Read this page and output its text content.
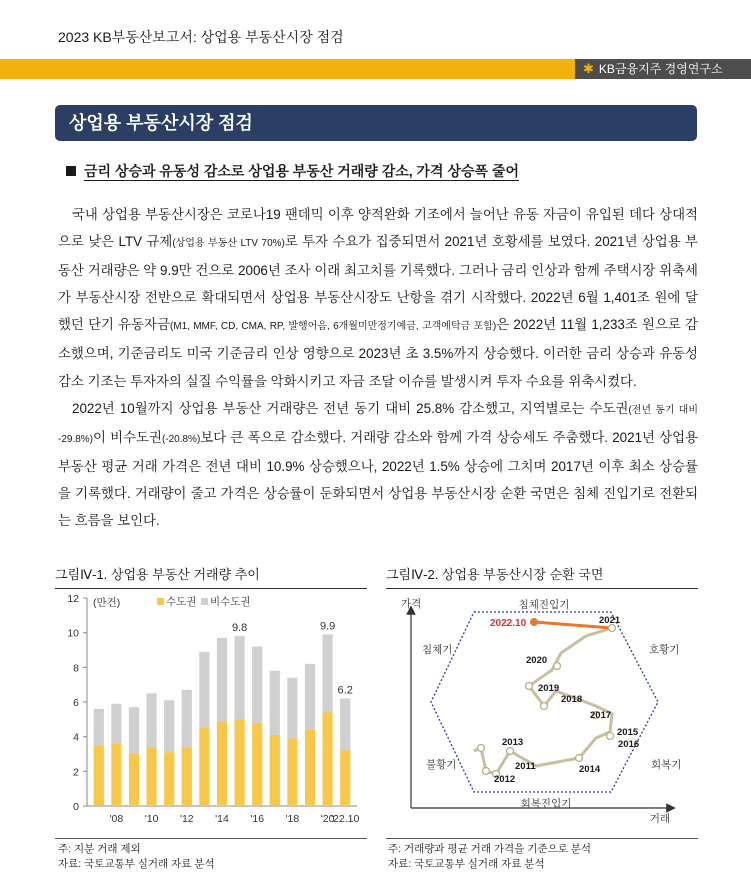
2023 KB부동산보고서: 상업용 부동산시장 점검
✱ KB금융지주 경영연구소
상업용 부동산시장 점검
금리 상승과 유동성 감소로 상업용 부동산 거래량 감소, 가격 상승폭 줄어

국내 상업용 부동산시장은 코로나19 팬데믹 이후 양적완화 기조에서 늘어난 유동 자금이 유입된 데다 상대적으로 낮은 LTV 규제(상업용 부동산 LTV 70%)로 투자 수요가 집중되면서 2021년 호황세를 보였다. 2021년 상업용 부동산 거래량은 약 9.9만 건으로 2006년 조사 이래 최고치를 기록했다. 그러나 금리 인상과 함께 주택시장 위축세가 부동산시장 전반으로 확대되면서 상업용 부동산시장도 난항을 겪기 시작했다. 2022년 6월 1,401조 원에 달했던 단기 유동자금(M1, MMF, CD, CMA, RP, 발행어음, 6개월미만정기예금, 고객예탁금 포함)은 2022년 11월 1,233조 원으로 감소했으며, 기준금리도 미국 기준금리 인상 영향으로 2023년 초 3.5%까지 상승했다. 이러한 금리 상승과 유동성 감소 기조는 투자자의 실질 수익률을 악화시키고 자금 조달 이슈를 발생시켜 투자 수요를 위축시켰다.

2022년 10월까지 상업용 부동산 거래량은 전년 동기 대비 25.8% 감소했고, 지역별로는 수도권(전년 동기 대비 -29.8%)이 비수도권(-20.8%)보다 큰 폭으로 감소했다. 거래량 감소와 함께 가격 상승세도 주춤했다. 2021년 상업용 부동산 평균 거래 가격은 전년 대비 10.9% 상승했으나, 2022년 1.5% 상승에 그치며 2017년 이후 최소 상승률을 기록했다. 거래량이 줄고 가격은 상승률이 둔화되면서 상업용 부동산시장 순환 국면은 침체 진입기로 전환되는 흐름을 보인다.

그림Ⅳ-1. 상업용 부동산 거래량 추이	그림Ⅳ-2. 상업용 부동산시장 순환 국면
0
2
4
6
8
10
12
'08 '10 '12 '14 '16 '18 '20
'22.10
9.8	9.9
6.2
(만건)	수도권 비수도권	가격
거래
침체진입기
호황기
침체기
불황기	회복기
회복진입기
2022.10	2021
2020
2019
2018
2017
2015
2016
2013
2011	2014
2012
주: 지분 거래 제외
자료: 국토교통부 실거래 자료 분석
주: 거래량과 평균 거래 가격을 기준으로 분석
자료: 국토교통부 실거래 자료 분석
